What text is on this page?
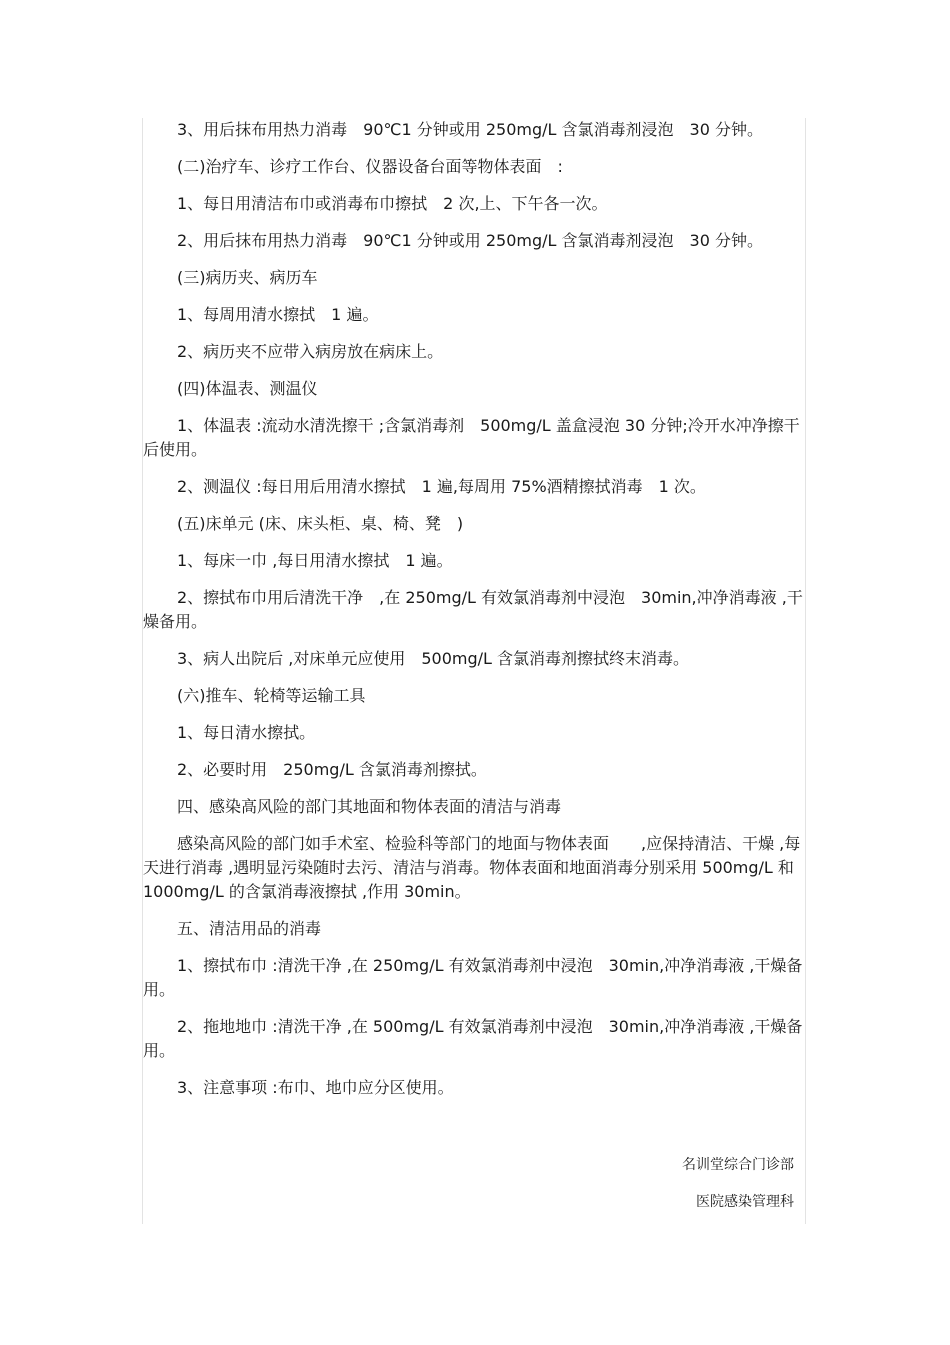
3、用后抹布用热力消毒　90℃1 分钟或用 250mg/L 含氯消毒剂浸泡　30 分钟。

(二)治疗车、诊疗工作台、仪器设备台面等物体表面　:

1、每日用清洁布巾或消毒布巾擦拭　2 次,上、下午各一次。

2、用后抹布用热力消毒　90℃1 分钟或用 250mg/L 含氯消毒剂浸泡　30 分钟。

(三)病历夹、病历车

1、每周用清水擦拭　1 遍。

2、病历夹不应带入病房放在病床上。

(四)体温表、测温仪

1、体温表 :流动水清洗擦干 ;含氯消毒剂　500mg/L 盖盒浸泡 30 分钟;冷开水冲净擦干后使用。

2、测温仪 :每日用后用清水擦拭　1 遍,每周用 75%酒精擦拭消毒　1 次。

(五)床单元 (床、床头柜、桌、椅、凳　)

1、每床一巾 ,每日用清水擦拭　1 遍。

2、擦拭布巾用后清洗干净　,在 250mg/L 有效氯消毒剂中浸泡　30min,冲净消毒液 ,干燥备用。

3、病人出院后 ,对床单元应使用　500mg/L 含氯消毒剂擦拭终末消毒。

(六)推车、轮椅等运输工具

1、每日清水擦拭。

2、必要时用　250mg/L 含氯消毒剂擦拭。

四、感染高风险的部门其地面和物体表面的清洁与消毒

感染高风险的部门如手术室、检验科等部门的地面与物体表面　　,应保持清洁、干燥 ,每天进行消毒 ,遇明显污染随时去污、清洁与消毒。物体表面和地面消毒分别采用 500mg/L 和 1000mg/L 的含氯消毒液擦拭 ,作用 30min。

五、清洁用品的消毒

1、擦拭布巾 :清洗干净 ,在 250mg/L 有效氯消毒剂中浸泡　30min,冲净消毒液 ,干燥备用。

2、拖地地巾 :清洗干净 ,在 500mg/L 有效氯消毒剂中浸泡　30min,冲净消毒液 ,干燥备用。

3、注意事项 :布巾、地巾应分区使用。

名训堂综合门诊部
医院感染管理科
